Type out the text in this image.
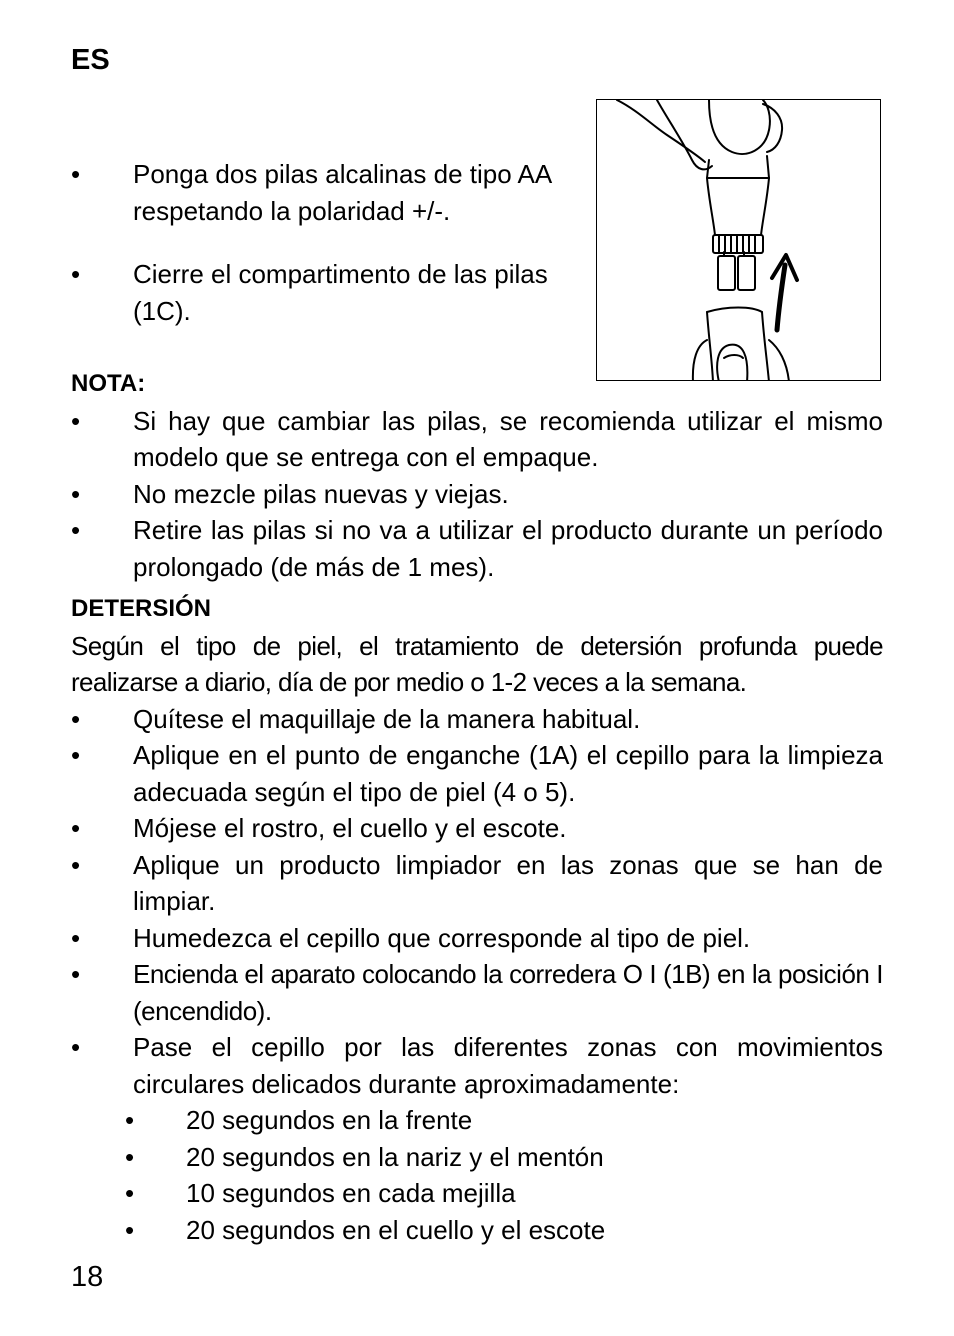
ES
• Ponga dos pilas alcalinas de tipo AA respetando la polaridad +/-.
• Cierre el compartimento de las pilas (1C).
NOTA:
• Si hay que cambiar las pilas, se recomienda utilizar el mismo modelo que se entrega con el empaque.
• No mezcle pilas nuevas y viejas.
• Retire las pilas si no va a utilizar el producto durante un período prolongado (de más de 1 mes).
DETERSIÓN
Según el tipo de piel, el tratamiento de detersión profunda puede realizarse a diario, día de por medio o 1-2 veces a la semana.
• Quítese el maquillaje de la manera habitual.
• Aplique en el punto de enganche (1A) el cepillo para la limpieza adecuada según el tipo de piel (4 o 5).
• Mójese el rostro, el cuello y el escote.
• Aplique un producto limpiador en las zonas que se han de limpiar.
• Humedezca el cepillo que corresponde al tipo de piel.
• Encienda el aparato colocando la corredera O I (1B) en la posición I (encendido).
• Pase el cepillo por las diferentes zonas con movimientos circulares delicados durante aproximadamente:
• 20 segundos en la frente
• 20 segundos en la nariz y el mentón
• 10 segundos en cada mejilla
• 20 segundos en el cuello y el escote
18
